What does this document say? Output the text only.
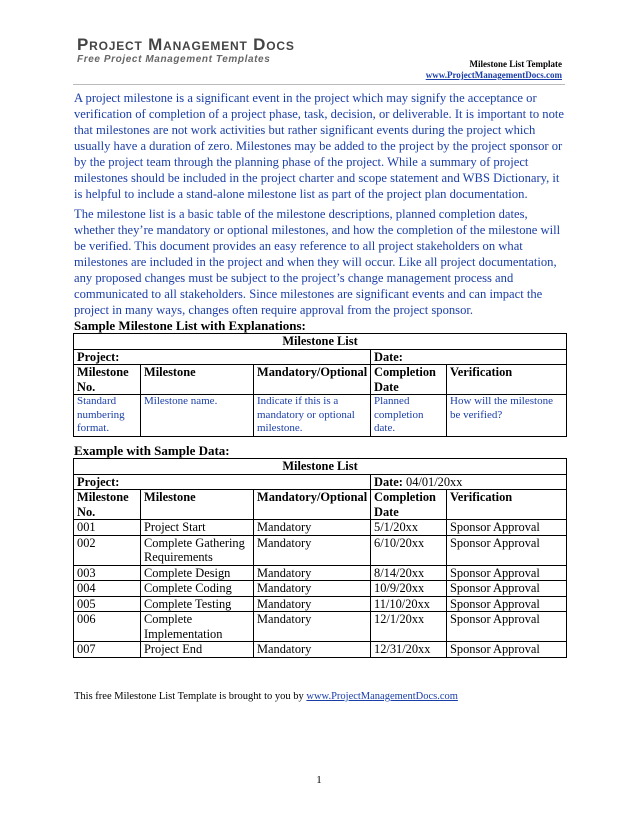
Project Management Docs
Free Project Management Templates	Milestone List Template
www.ProjectManagementDocs.com

A project milestone is a significant event in the project which may signify the acceptance or verification of completion of a project phase, task, decision, or deliverable. It is important to note that milestones are not work activities but rather significant events during the project which usually have a duration of zero. Milestones may be added to the project by the project sponsor or by the project team through the planning phase of the project. While a summary of project milestones should be included in the project charter and scope statement and WBS Dictionary, it is helpful to include a stand-alone milestone list as part of the project plan documentation.

The milestone list is a basic table of the milestone descriptions, planned completion dates, whether they’re mandatory or optional milestones, and how the completion of the milestone will be verified. This document provides an easy reference to all project stakeholders on what milestones are included in the project and when they will occur. Like all project documentation, any proposed changes must be subject to the project’s change management process and communicated to all stakeholders. Since milestones are significant events and can impact the project in many ways, changes often require approval from the project sponsor.

Sample Milestone List with Explanations:
Milestone List				
Project:			Date:	
Milestone No.	Milestone	Mandatory/Optional	Completion Date	Verification
Standard numbering format.	Milestone name.	Indicate if this is a mandatory or optional milestone.	Planned completion date.	How will the milestone be verified?
Example with Sample Data:
Milestone List				
Project:			Date: 04/01/20xx	
Milestone No.	Milestone	Mandatory/Optional	Completion Date	Verification
001	Project Start	Mandatory	5/1/20xx	Sponsor Approval
002	Complete Gathering Requirements	Mandatory	6/10/20xx	Sponsor Approval
003	Complete Design	Mandatory	8/14/20xx	Sponsor Approval
004	Complete Coding	Mandatory	10/9/20xx	Sponsor Approval
005	Complete Testing	Mandatory	11/10/20xx	Sponsor Approval
006	Complete Implementation	Mandatory	12/1/20xx	Sponsor Approval
007	Project End	Mandatory	12/31/20xx	Sponsor Approval
This free Milestone List Template is brought to you by www.ProjectManagementDocs.com
1
